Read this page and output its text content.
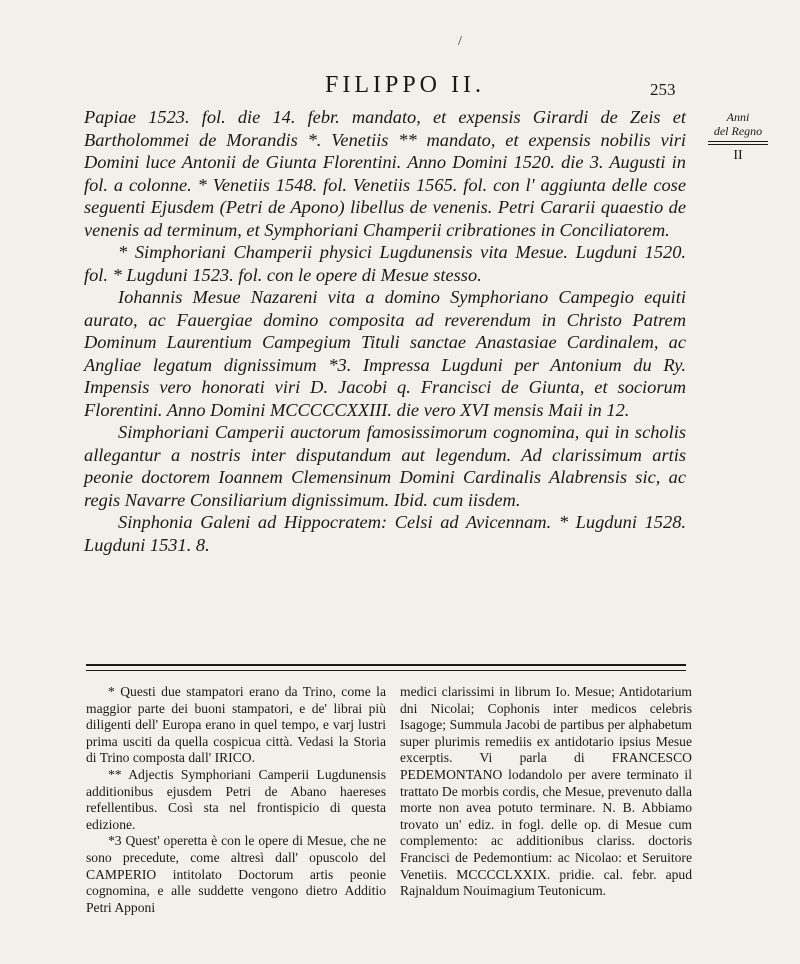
/
FILIPPO II.	253
Anni
del Regno
II

Papiae 1523. fol. die 14. febr. mandato, et expensis Girardi de Zeis et Bartholommei de Morandis *. Venetiis ** mandato, et expensis nobilis viri Domini luce Antonii de Giunta Florentini. Anno Domini 1520. die 3. Augusti in fol. a colonne. * Venetiis 1548. fol. Venetiis 1565. fol. con l' aggiunta delle cose seguenti Ejusdem (Petri de Apono) libellus de venenis. Petri Cararii quaestio de venenis ad terminum, et Symphoriani Champerii cribrationes in Conciliatorem.

* Simphoriani Champerii physici Lugdunensis vita Mesue. Lugduni 1520. fol. * Lugduni 1523. fol. con le opere di Mesue stesso.

Iohannis Mesue Nazareni vita a domino Symphoriano Campegio equiti aurato, ac Fauergiae domino composita ad reverendum in Christo Patrem Dominum Laurentium Campegium Tituli sanctae Anastasiae Cardinalem, ac Angliae legatum dignissimum *3. Impressa Lugduni per Antonium du Ry. Impensis vero honorati viri D. Jacobi q. Francisci de Giunta, et sociorum Florentini. Anno Domini MCCCCCXXIII. die vero XVI mensis Maii in 12.

Simphoriani Camperii auctorum famosissimorum cognomina, qui in scholis allegantur a nostris inter disputandum aut legendum. Ad clarissimum artis peonie doctorem Ioannem Clemensinum Domini Cardinalis Alabrensis sic, ac regis Navarre Consiliarium dignissimum. Ibid. cum iisdem.

Sinphonia Galeni ad Hippocratem: Celsi ad Avicennam. * Lugduni 1528. Lugduni 1531. 8.

* Questi due stampatori erano da Trino, come la maggior parte dei buoni stampatori, e de' librai più diligenti dell' Europa erano in quel tempo, e varj lustri prima usciti da quella cospicua città. Vedasi la Storia di Trino composta dall' IRICO.

** Adjectis Symphoriani Camperii Lugdunensis additionibus ejusdem Petri de Abano haereses refellentibus. Così sta nel frontispicio di questa edizione.

*3 Quest' operetta è con le opere di Mesue, che ne sono precedute, come altresì dall' opuscolo del CAMPERIO intitolato Doctorum artis peonie cognomina, e alle suddette vengono dietro Additio Petri Apponi

medici clarissimi in librum Io. Mesue; Antidotarium dni Nicolai; Cophonis inter medicos celebris Isagoge; Summula Jacobi de partibus per alphabetum super plurimis remediis ex antidotario ipsius Mesue excerptis. Vi parla di FRANCESCO PEDEMONTANO lodandolo per avere terminato il trattato De morbis cordis, che Mesue, prevenuto dalla morte non avea potuto terminare. N. B. Abbiamo trovato un' ediz. in fogl. delle op. di Mesue cum complemento: ac additionibus clariss. doctoris Francisci de Pedemontium: ac Nicolao: et Seruitore Venetiis. MCCCCLXXIX. pridie. cal. febr. apud Rajnaldum Nouimagium Teutonicum.
